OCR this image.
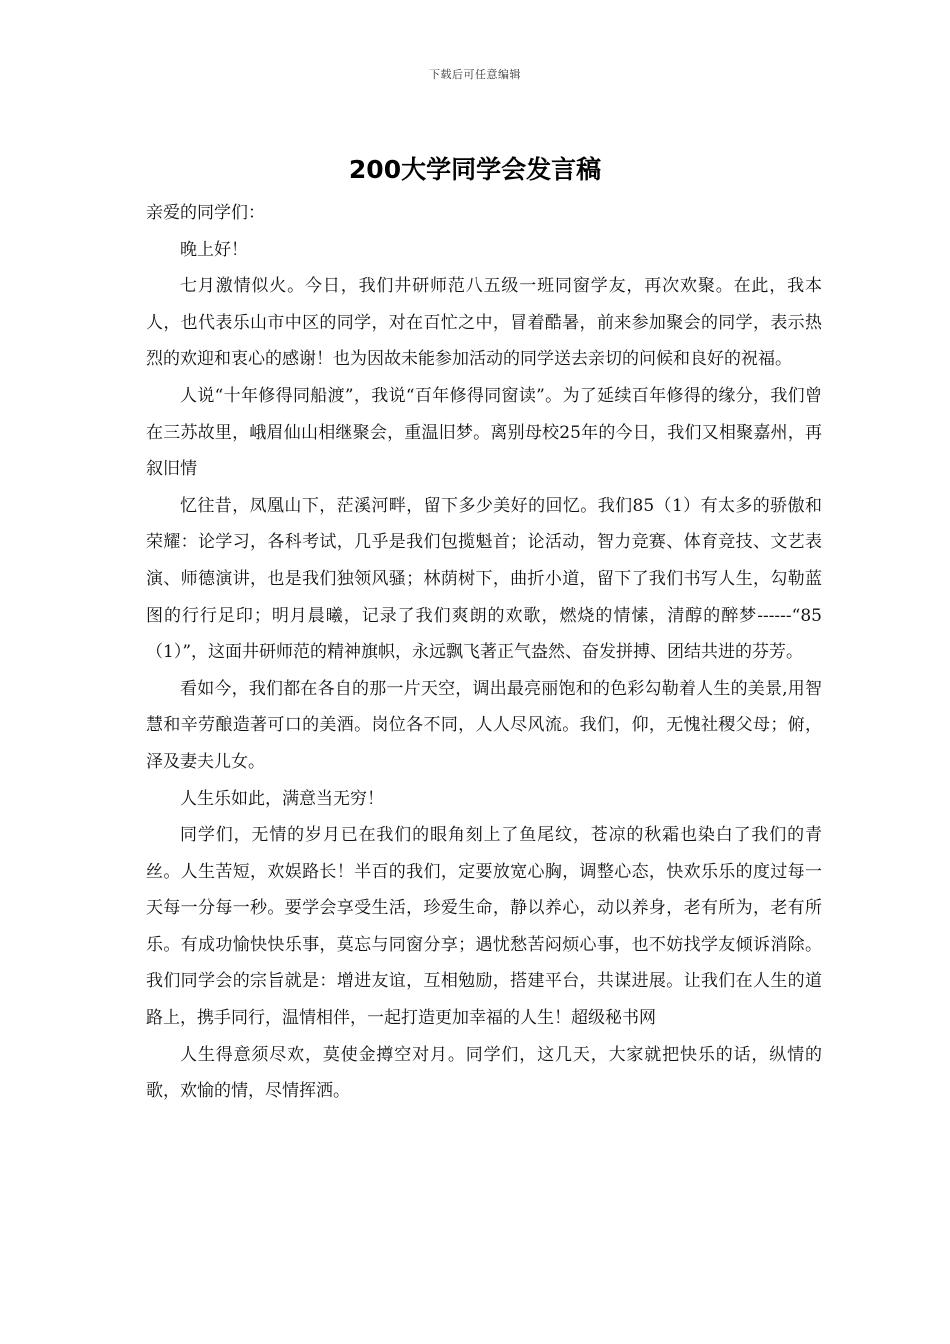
下载后可任意编辑
200大学同学会发言稿

亲爱的同学们：

晚上好！

七月激情似火。今日，我们井研师范八五级一班同窗学友，再次欢聚。在此，我本人，也代表乐山市中区的同学，对在百忙之中，冒着酷暑，前来参加聚会的同学，表示热烈的欢迎和衷心的感谢！也为因故未能参加活动的同学送去亲切的问候和良好的祝福。

人说“十年修得同船渡”，我说“百年修得同窗读”。为了延续百年修得的缘分，我们曾在三苏故里，峨眉仙山相继聚会，重温旧梦。离别母校25年的今日，我们又相聚嘉州，再叙旧情

忆往昔，凤凰山下，茫溪河畔，留下多少美好的回忆。我们85（1）有太多的骄傲和荣耀：论学习，各科考试，几乎是我们包揽魁首；论活动，智力竞赛、体育竞技、文艺表演、师德演讲，也是我们独领风骚；林荫树下，曲折小道，留下了我们书写人生，勾勒蓝图的行行足印；明月晨曦，记录了我们爽朗的欢歌，燃烧的情愫，清醇的醉梦------“85（1）”，这面井研师范的精神旗帜，永远飘飞著正气盎然、奋发拼搏、团结共进的芬芳。

看如今，我们都在各自的那一片天空，调出最亮丽饱和的色彩勾勒着人生的美景,用智慧和辛劳酿造著可口的美酒。岗位各不同，人人尽风流。我们，仰，无愧社稷父母；俯，泽及妻夫儿女。

人生乐如此，满意当无穷！

同学们，无情的岁月已在我们的眼角刻上了鱼尾纹，苍凉的秋霜也染白了我们的青丝。人生苦短，欢娱路长！半百的我们，定要放宽心胸，调整心态，快欢乐乐的度过每一天每一分每一秒。要学会享受生活，珍爱生命，静以养心，动以养身，老有所为，老有所乐。有成功愉快快乐事，莫忘与同窗分享；遇忧愁苦闷烦心事，也不妨找学友倾诉消除。我们同学会的宗旨就是：增进友谊，互相勉励，搭建平台，共谋进展。让我们在人生的道路上，携手同行，温情相伴，一起打造更加幸福的人生！超级秘书网

人生得意须尽欢，莫使金撙空对月。同学们，这几天，大家就把快乐的话，纵情的歌，欢愉的情，尽情挥洒。
